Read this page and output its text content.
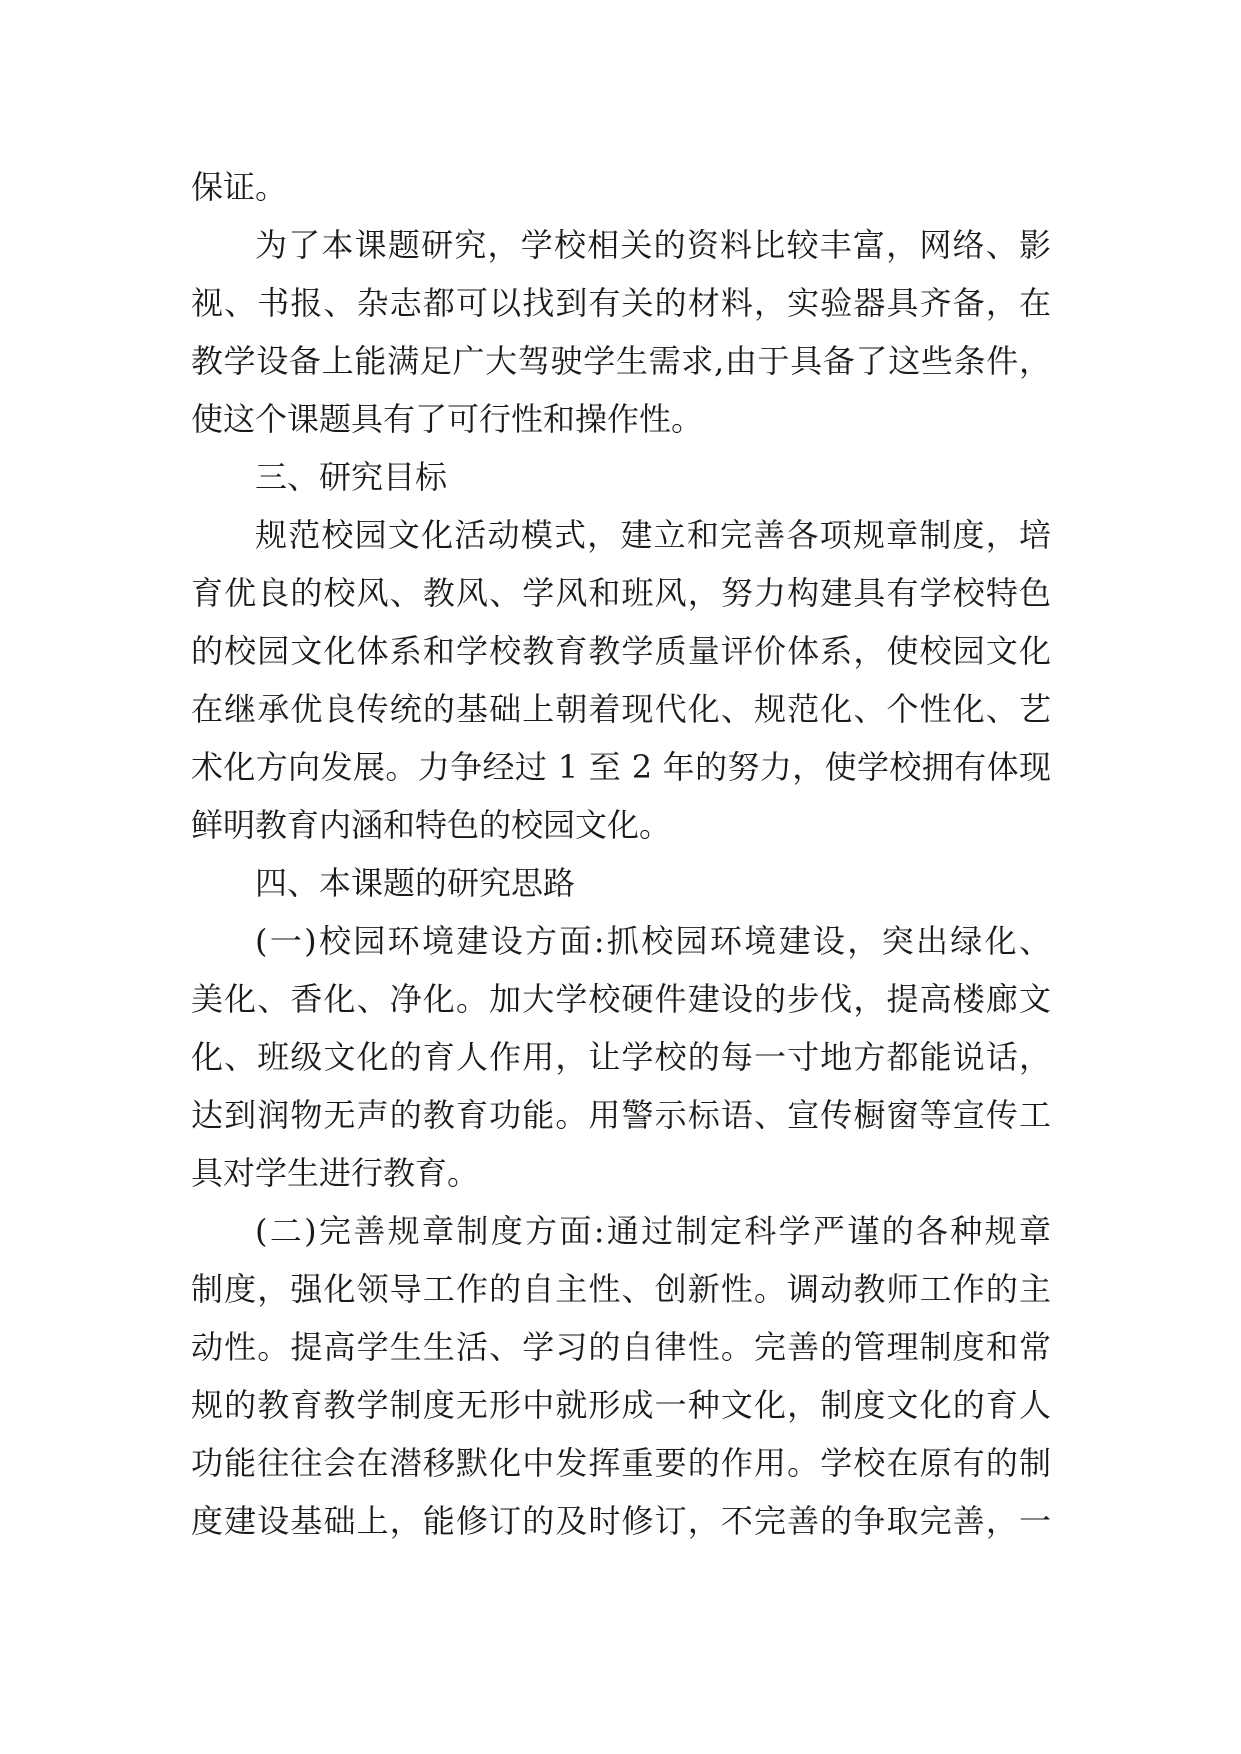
保证。
为了本课题研究，学校相关的资料比较丰富，网络、影
视、书报、杂志都可以找到有关的材料，实验器具齐备，在
教学设备上能满足广大驾驶学生需求,由于具备了这些条件，
使这个课题具有了可行性和操作性。
三、研究目标
规范校园文化活动模式，建立和完善各项规章制度，培
育优良的校风、教风、学风和班风，努力构建具有学校特色
的校园文化体系和学校教育教学质量评价体系，使校园文化
在继承优良传统的基础上朝着现代化、规范化、个性化、艺
术化方向发展。力争经过 1 至 2 年的努力，使学校拥有体现
鲜明教育内涵和特色的校园文化。
四、本课题的研究思路
(一)校园环境建设方面:抓校园环境建设，突出绿化、
美化、香化、净化。加大学校硬件建设的步伐，提高楼廊文
化、班级文化的育人作用，让学校的每一寸地方都能说话，
达到润物无声的教育功能。用警示标语、宣传橱窗等宣传工
具对学生进行教育。
(二)完善规章制度方面:通过制定科学严谨的各种规章
制度，强化领导工作的自主性、创新性。调动教师工作的主
动性。提高学生生活、学习的自律性。完善的管理制度和常
规的教育教学制度无形中就形成一种文化，制度文化的育人
功能往往会在潜移默化中发挥重要的作用。学校在原有的制
度建设基础上，能修订的及时修订，不完善的争取完善，一
